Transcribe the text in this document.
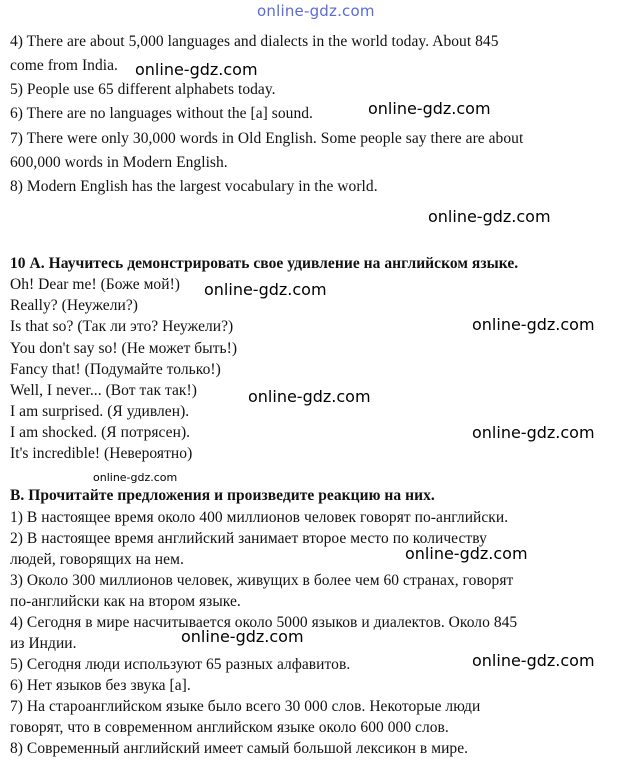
online-gdz.com
4) There are about 5,000 languages and dialects in the world today. About 845
come from India.
5) People use 65 different alphabets today.
6) There are no languages without the [a] sound.
7) There were only 30,000 words in Old English. Some people say there are about
600,000 words in Modern English.
8) Modern English has the largest vocabulary in the world.
10 А. Научитесь демонстрировать свое удивление на английском языке.
Oh! Dear me! (Боже мой!)
Really? (Неужели?)
Is that so? (Так ли это? Неужели?)
You don't say so! (Не может быть!)
Fancy that! (Подумайте только!)
Well, I never... (Вот так так!)
I am surprised. (Я удивлен).
I am shocked. (Я потрясен).
It's incredible! (Невероятно)
В. Прочитайте предложения и произведите реакцию на них.
1) В настоящее время около 400 миллионов человек говорят по-английски.
2) В настоящее время английский занимает второе место по количеству
людей, говорящих на нем.
3) Около 300 миллионов человек, живущих в более чем 60 странах, говорят
по-английски как на втором языке.
4) Сегодня в мире насчитывается около 5000 языков и диалектов. Около 845
из Индии.
5) Сегодня люди используют 65 разных алфавитов.
6) Нет языков без звука [а].
7) На староанглийском языке было всего 30 000 слов. Некоторые люди
говорят, что в современном английском языке около 600 000 слов.
8) Современный английский имеет самый большой лексикон в мире.
online-gdz.com
online-gdz.com
online-gdz.com
online-gdz.com
online-gdz.com
online-gdz.com
online-gdz.com
online-gdz.com
online-gdz.com
online-gdz.com
online-gdz.com
